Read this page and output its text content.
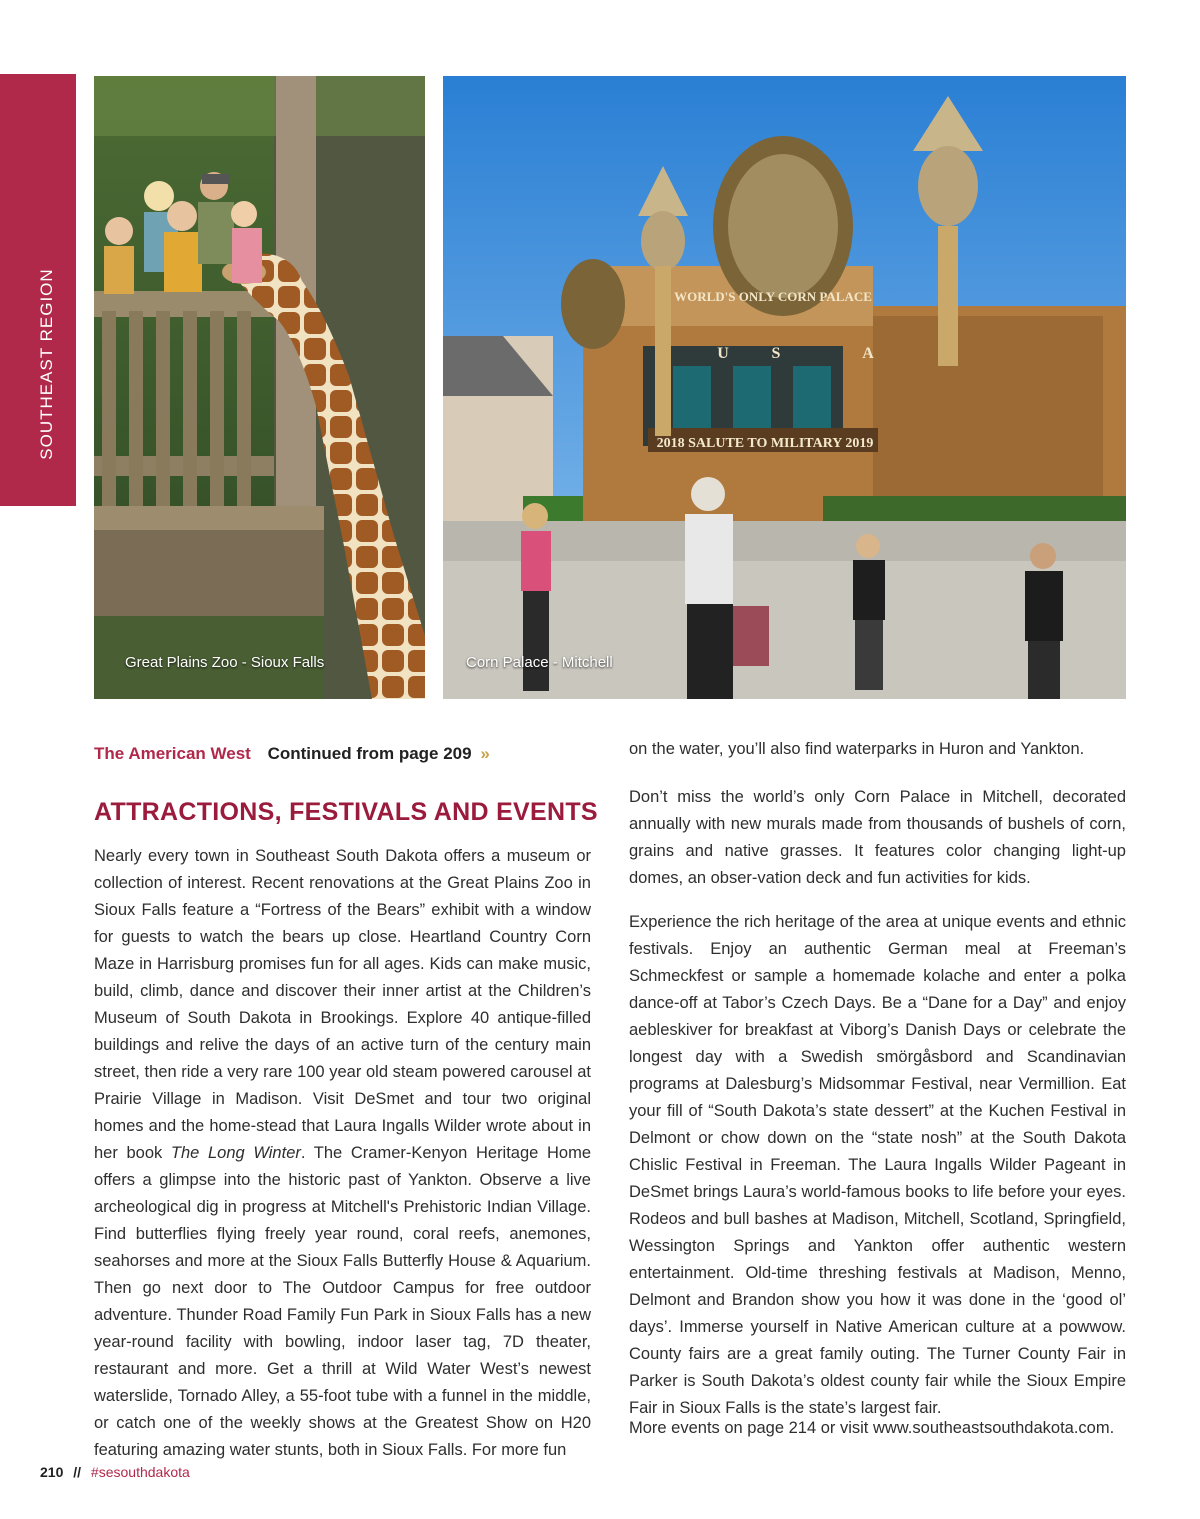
SOUTHEAST REGION
Great Plains Zoo - Sioux Falls
WORLD'S ONLY CORN PALACE
2018 SALUTE TO MILITARY 2019
U	S	A
Corn Palace - Mitchell
The American West Continued from page 209 »
ATTRACTIONS, FESTIVALS AND EVENTS

Nearly every town in Southeast South Dakota offers a museum or collection of interest. Recent renovations at the Great Plains Zoo in Sioux Falls feature a “Fortress of the Bears” exhibit with a window for guests to watch the bears up close. Heartland Country Corn Maze in Harrisburg promises fun for all ages. Kids can make music, build, climb, dance and discover their inner artist at the Children’s Museum of South Dakota in Brookings. Explore 40 antique-filled buildings and relive the days of an active turn of the century main street, then ride a very rare 100 year old steam powered carousel at Prairie Village in Madison. Visit DeSmet and tour two original homes and the home-stead that Laura Ingalls Wilder wrote about in her book The Long Winter. The Cramer-Kenyon Heritage Home offers a glimpse into the historic past of Yankton. Observe a live archeological dig in progress at Mitchell's Prehistoric Indian Village. Find butterflies flying freely year round, coral reefs, anemones, seahorses and more at the Sioux Falls Butterfly House & Aquarium. Then go next door to The Outdoor Campus for free outdoor adventure. Thunder Road Family Fun Park in Sioux Falls has a new year-round facility with bowling, indoor laser tag, 7D theater, restaurant and more. Get a thrill at Wild Water West’s newest waterslide, Tornado Alley, a 55-foot tube with a funnel in the middle, or catch one of the weekly shows at the Greatest Show on H20 featuring amazing water stunts, both in Sioux Falls. For more fun

on the water, you’ll also find waterparks in Huron and Yankton.

Don’t miss the world’s only Corn Palace in Mitchell, decorated annually with new murals made from thousands of bushels of corn, grains and native grasses. It features color changing light-up domes, an obser-vation deck and fun activities for kids.

Experience the rich heritage of the area at unique events and ethnic festivals. Enjoy an authentic German meal at Freeman’s Schmeckfest or sample a homemade kolache and enter a polka dance-off at Tabor’s Czech Days. Be a “Dane for a Day” and enjoy aebleskiver for breakfast at Viborg’s Danish Days or celebrate the longest day with a Swedish smörgåsbord and Scandinavian programs at Dalesburg’s Midsommar Festival, near Vermillion. Eat your fill of “South Dakota’s state dessert” at the Kuchen Festival in Delmont or chow down on the “state nosh” at the South Dakota Chislic Festival in Freeman. The Laura Ingalls Wilder Pageant in DeSmet brings Laura’s world-famous books to life before your eyes. Rodeos and bull bashes at Madison, Mitchell, Scotland, Springfield, Wessington Springs and Yankton offer authentic western entertainment. Old-time threshing festivals at Madison, Menno, Delmont and Brandon show you how it was done in the ‘good ol’ days’. Immerse yourself in Native American culture at a powwow. County fairs are a great family outing. The Turner County Fair in Parker is South Dakota’s oldest county fair while the Sioux Empire Fair in Sioux Falls is the state’s largest fair.

More events on page 214 or visit www.southeastsouthdakota.com.

210 // #sesouthdakota
